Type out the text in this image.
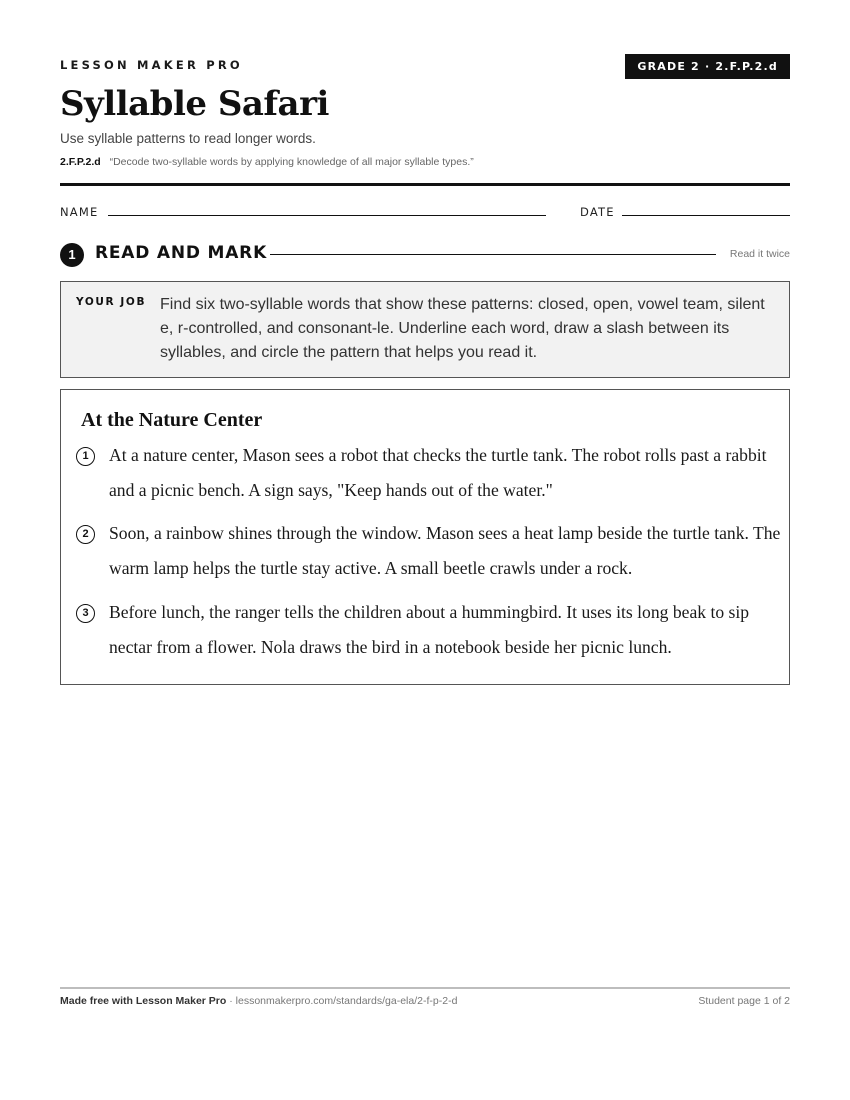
LESSON MAKER PRO	GRADE 2 · 2.F.P.2.d
Syllable Safari
Use syllable patterns to read longer words.
2.F.P.2.d “Decode two-syllable words by applying knowledge of all major syllable types.”
NAME	DATE
1	READ AND MARK	Read it twice
YOUR JOB Find six two-syllable words that show these patterns: closed, open, vowel team, silent e, r-controlled, and consonant-le. Underline each word, draw a slash between its syllables, and circle the pattern that helps you read it.
At the Nature Center
1	At a nature center, Mason sees a robot that checks the turtle tank. The robot rolls past a rabbit and a picnic bench. A sign says, "Keep hands out of the water."
2	Soon, a rainbow shines through the window. Mason sees a heat lamp beside the turtle tank. The warm lamp helps the turtle stay active. A small beetle crawls under a rock.
3	Before lunch, the ranger tells the children about a hummingbird. It uses its long beak to sip nectar from a flower. Nola draws the bird in a notebook beside her picnic lunch.
Made free with Lesson Maker Pro · lessonmakerpro.com/standards/ga-ela/2-f-p-2-d	Student page 1 of 2
